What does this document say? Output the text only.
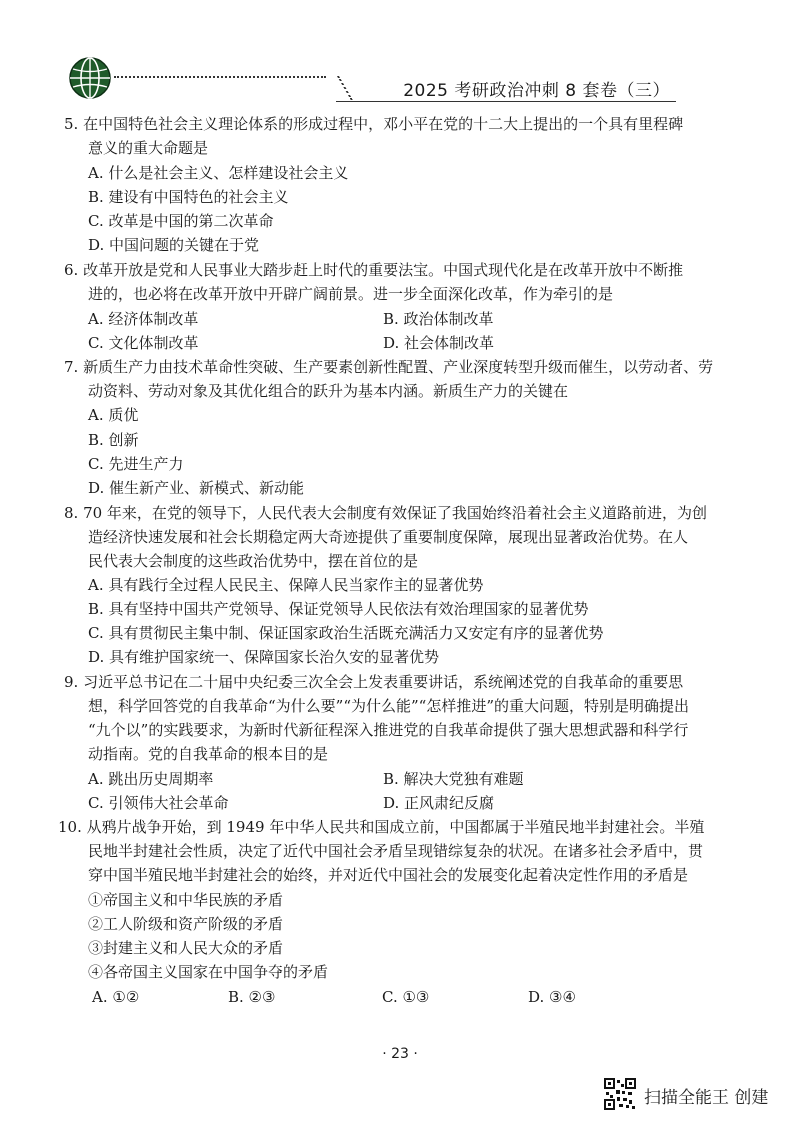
2025 考研政治冲刺 8 套卷（三）
5. 在中国特色社会主义理论体系的形成过程中，邓小平在党的十二大上提出的一个具有里程碑
意义的重大命题是
A. 什么是社会主义、怎样建设社会主义
B. 建设有中国特色的社会主义
C. 改革是中国的第二次革命
D. 中国问题的关键在于党
6. 改革开放是党和人民事业大踏步赶上时代的重要法宝。中国式现代化是在改革开放中不断推
进的，也必将在改革开放中开辟广阔前景。进一步全面深化改革，作为牵引的是
A. 经济体制改革	B. 政治体制改革
C. 文化体制改革	D. 社会体制改革
7. 新质生产力由技术革命性突破、生产要素创新性配置、产业深度转型升级而催生，以劳动者、劳
动资料、劳动对象及其优化组合的跃升为基本内涵。新质生产力的关键在
A. 质优
B. 创新
C. 先进生产力
D. 催生新产业、新模式、新动能
8. 70 年来，在党的领导下，人民代表大会制度有效保证了我国始终沿着社会主义道路前进，为创
造经济快速发展和社会长期稳定两大奇迹提供了重要制度保障，展现出显著政治优势。在人
民代表大会制度的这些政治优势中，摆在首位的是
A. 具有践行全过程人民民主、保障人民当家作主的显著优势
B. 具有坚持中国共产党领导、保证党领导人民依法有效治理国家的显著优势
C. 具有贯彻民主集中制、保证国家政治生活既充满活力又安定有序的显著优势
D. 具有维护国家统一、保障国家长治久安的显著优势
9. 习近平总书记在二十届中央纪委三次全会上发表重要讲话，系统阐述党的自我革命的重要思
想，科学回答党的自我革命“为什么要”“为什么能”“怎样推进”的重大问题，特别是明确提出
“九个以”的实践要求，为新时代新征程深入推进党的自我革命提供了强大思想武器和科学行
动指南。党的自我革命的根本目的是
A. 跳出历史周期率	B. 解决大党独有难题
C. 引领伟大社会革命	D. 正风肃纪反腐
10. 从鸦片战争开始，到 1949 年中华人民共和国成立前，中国都属于半殖民地半封建社会。半殖
民地半封建社会性质，决定了近代中国社会矛盾呈现错综复杂的状况。在诸多社会矛盾中，贯
穿中国半殖民地半封建社会的始终，并对近代中国社会的发展变化起着决定性作用的矛盾是
①帝国主义和中华民族的矛盾
②工人阶级和资产阶级的矛盾
③封建主义和人民大众的矛盾
④各帝国主义国家在中国争夺的矛盾
A. ①②	B. ②③	C. ①③	D. ③④
· 23 ·
扫描全能王 创建
